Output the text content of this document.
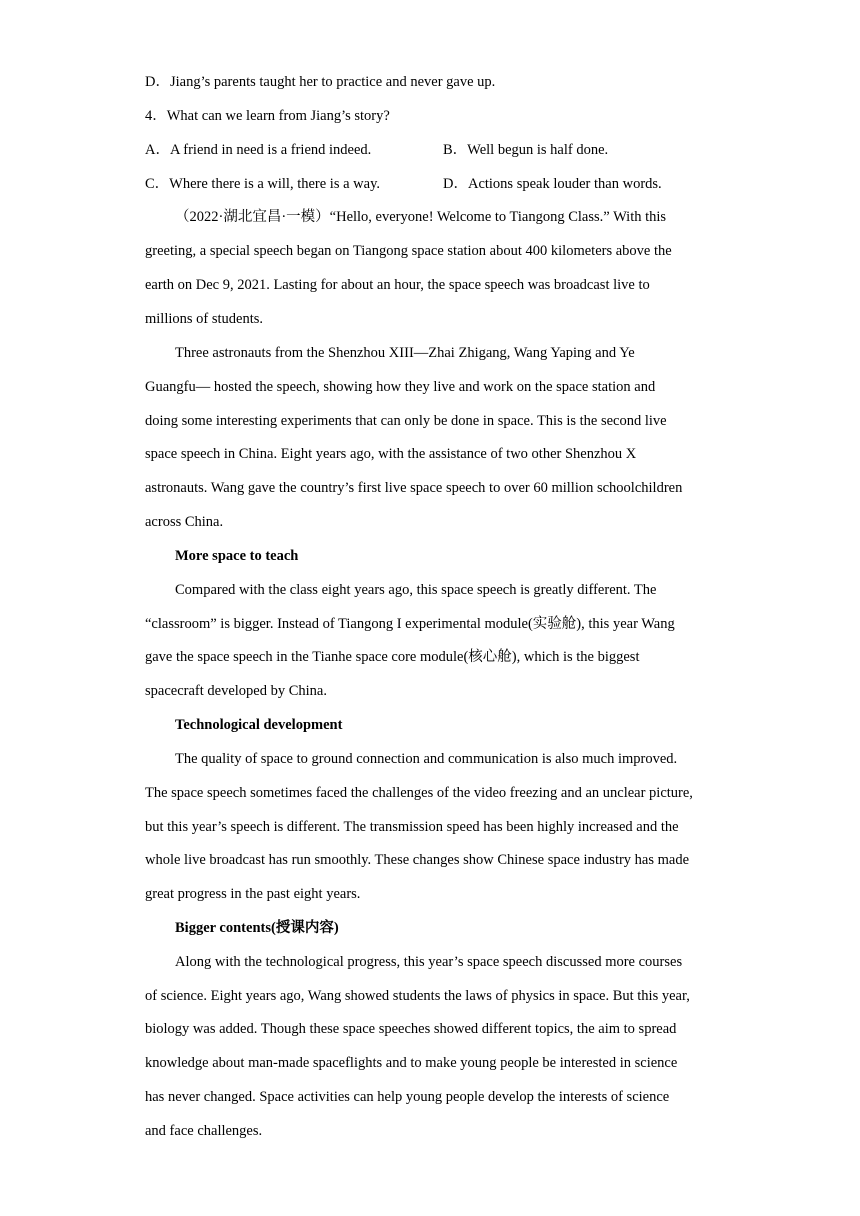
D．Jiang’s parents taught her to practice and never gave up.
4．What can we learn from Jiang’s story?
A．A friend in need is a friend indeed.	B．Well begun is half done.
C．Where there is a will, there is a way.	D．Actions speak louder than words.
（2022·湖北宜昌·一模）“Hello, everyone! Welcome to Tiangong Class.” With this
greeting, a special speech began on Tiangong space station about 400 kilometers above the
earth on Dec 9, 2021. Lasting for about an hour, the space speech was broadcast live to
millions of students.
Three astronauts from the Shenzhou XIII—Zhai Zhigang, Wang Yaping and Ye
Guangfu— hosted the speech, showing how they live and work on the space station and
doing some interesting experiments that can only be done in space. This is the second live
space speech in China. Eight years ago, with the assistance of two other Shenzhou X
astronauts. Wang gave the country’s first live space speech to over 60 million schoolchildren
across China.
More space to teach
Compared with the class eight years ago, this space speech is greatly different. The
“classroom” is bigger. Instead of Tiangong I experimental module(实验舱), this year Wang
gave the space speech in the Tianhe space core module(核心舱), which is the biggest
spacecraft developed by China.
Technological development
The quality of space to ground connection and communication is also much improved.
The space speech sometimes faced the challenges of the video freezing and an unclear picture,
but this year’s speech is different. The transmission speed has been highly increased and the
whole live broadcast has run smoothly. These changes show Chinese space industry has made
great progress in the past eight years.
Bigger contents(授课内容)
Along with the technological progress, this year’s space speech discussed more courses
of science. Eight years ago, Wang showed students the laws of physics in space. But this year,
biology was added. Though these space speeches showed different topics, the aim to spread
knowledge about man-made spaceflights and to make young people be interested in science
has never changed. Space activities can help young people develop the interests of science
and face challenges.
